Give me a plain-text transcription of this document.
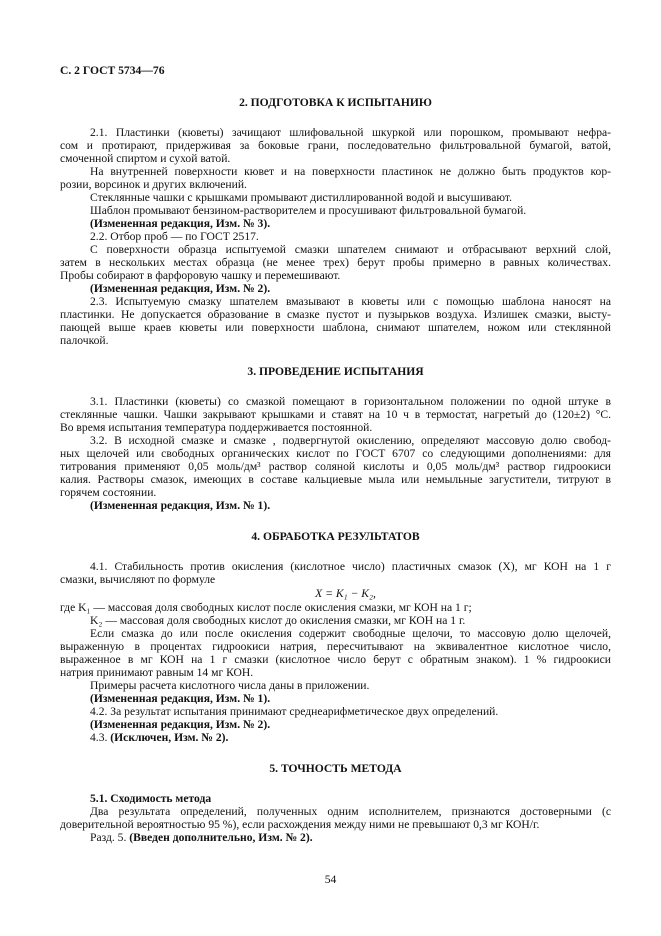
С. 2 ГОСТ 5734—76
2. ПОДГОТОВКА К ИСПЫТАНИЮ
2.1. Пластинки (кюветы) зачищают шлифовальной шкуркой или порошком, промывают нефра-
сом и протирают, придерживая за боковые грани, последовательно фильтровальной бумагой, ватой,
смоченной спиртом и сухой ватой.
На внутренней поверхности кювет и на поверхности пластинок не должно быть продуктов кор-
розии, ворсинок и других включений.
Стеклянные чашки с крышками промывают дистиллированной водой и высушивают.
Шаблон промывают бензином-растворителем и просушивают фильтровальной бумагой.
(Измененная редакция, Изм. № 3).
2.2. Отбор проб — по ГОСТ 2517.
С поверхности образца испытуемой смазки шпателем снимают и отбрасывают верхний слой,
затем в нескольких местах образца (не менее трех) берут пробы примерно в равных количествах.
Пробы собирают в фарфоровую чашку и перемешивают.
(Измененная редакция, Изм. № 2).
2.3. Испытуемую смазку шпателем вмазывают в кюветы или с помощью шаблона наносят на
пластинки. Не допускается образование в смазке пустот и пузырьков воздуха. Излишек смазки, высту-
пающей выше краев кюветы или поверхности шаблона, снимают шпателем, ножом или стеклянной
палочкой.
3. ПРОВЕДЕНИЕ ИСПЫТАНИЯ
3.1. Пластинки (кюветы) со смазкой помещают в горизонтальном положении по одной штуке в
стеклянные чашки. Чашки закрывают крышками и ставят на 10 ч в термостат, нагретый до (120±2) °С.
Во время испытания температура поддерживается постоянной.
3.2. В исходной смазке и смазке , подвергнутой окислению, определяют массовую долю свобод-
ных щелочей или свободных органических кислот по ГОСТ 6707 со следующими дополнениями: для
титрования применяют 0,05 моль/дм³ раствор соляной кислоты и 0,05 моль/дм³ раствор гидроокиси
калия. Растворы смазок, имеющих в составе кальциевые мыла или немыльные загустители, титруют в
горячем состоянии.
(Измененная редакция, Изм. № 1).
4. ОБРАБОТКА РЕЗУЛЬТАТОВ
4.1. Стабильность против окисления (кислотное число) пластичных смазок (X), мг КОН на 1 г
смазки, вычисляют по формуле
X = K₁ − K₂,
где K₁ — массовая доля свободных кислот после окисления смазки, мг КОН на 1 г;
K₂ — массовая доля свободных кислот до окисления смазки, мг КОН на 1 г.
Если смазка до или после окисления содержит свободные щелочи, то массовую долю щелочей,
выраженную в процентах гидроокиси натрия, пересчитывают на эквивалентное кислотное число,
выраженное в мг КОН на 1 г смазки (кислотное число берут с обратным знаком). 1 % гидроокиси
натрия принимают равным 14 мг КОН.
Примеры расчета кислотного числа даны в приложении.
(Измененная редакция, Изм. № 1).
4.2. За результат испытания принимают среднеарифметическое двух определений.
(Измененная редакция, Изм. № 2).
4.3. (Исключен, Изм. № 2).
5. ТОЧНОСТЬ МЕТОДА
5.1. Сходимость метода
Два результата определений, полученных одним исполнителем, признаются достоверными (с
доверительной вероятностью 95 %), если расхождения между ними не превышают 0,3 мг КОН/г.
Разд. 5. (Введен дополнительно, Изм. № 2).
54
